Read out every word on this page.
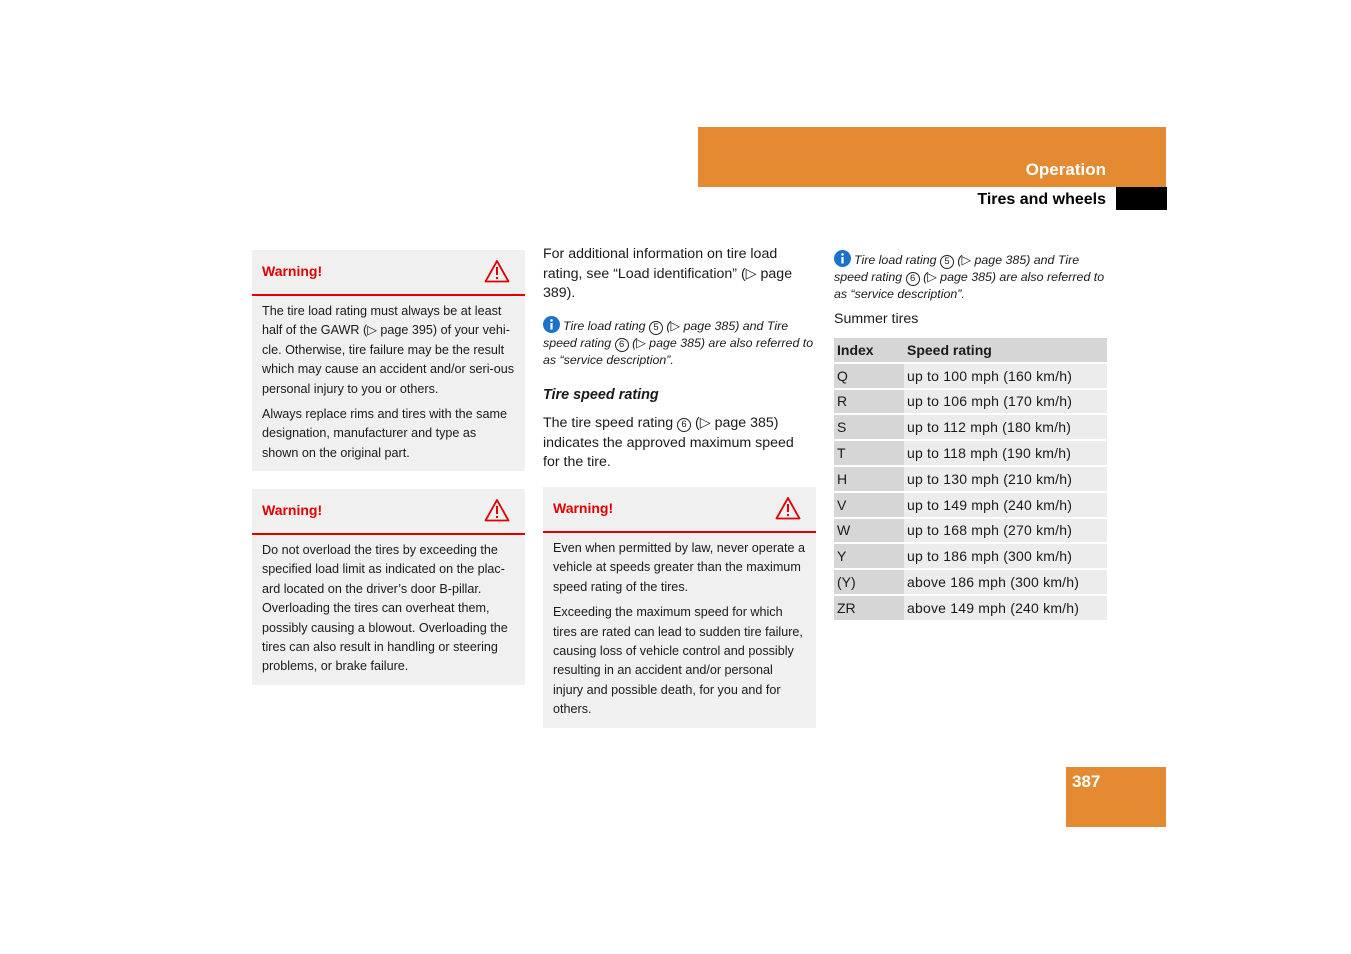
Operation
Tires and wheels
Warning!

The tire load rating must always be at least half of the GAWR (▷ page 395) of your vehi-cle. Otherwise, tire failure may be the result which may cause an accident and/or seri-ous personal injury to you or others.

Always replace rims and tires with the same designation, manufacturer and type as shown on the original part.

Warning!

Do not overload the tires by exceeding the specified load limit as indicated on the plac-ard located on the driver’s door B-pillar. Overloading the tires can overheat them, possibly causing a blowout. Overloading the tires can also result in handling or steering problems, or brake failure.

For additional information on tire load rating, see “Load identification” (▷ page 389).
Tire load rating 5 (▷ page 385) and Tire speed rating 6 (▷ page 385) are also referred to as “service description”.
Tire speed rating
The tire speed rating 6 (▷ page 385) indicates the approved maximum speed for the tire.
Warning!

Even when permitted by law, never operate a vehicle at speeds greater than the maximum speed rating of the tires.

Exceeding the maximum speed for which tires are rated can lead to sudden tire failure, causing loss of vehicle control and possibly resulting in an accident and/or personal injury and possible death, for you and for others.

Tire load rating 5 (▷ page 385) and Tire speed rating 6 (▷ page 385) are also referred to as “service description”.
Summer tires
Index	Speed rating
Q	up to 100 mph (160 km/h)
R	up to 106 mph (170 km/h)
S	up to 112 mph (180 km/h)
T	up to 118 mph (190 km/h)
H	up to 130 mph (210 km/h)
V	up to 149 mph (240 km/h)
W	up to 168 mph (270 km/h)
Y	up to 186 mph (300 km/h)
(Y)	above 186 mph (300 km/h)
ZR	above 149 mph (240 km/h)
387
